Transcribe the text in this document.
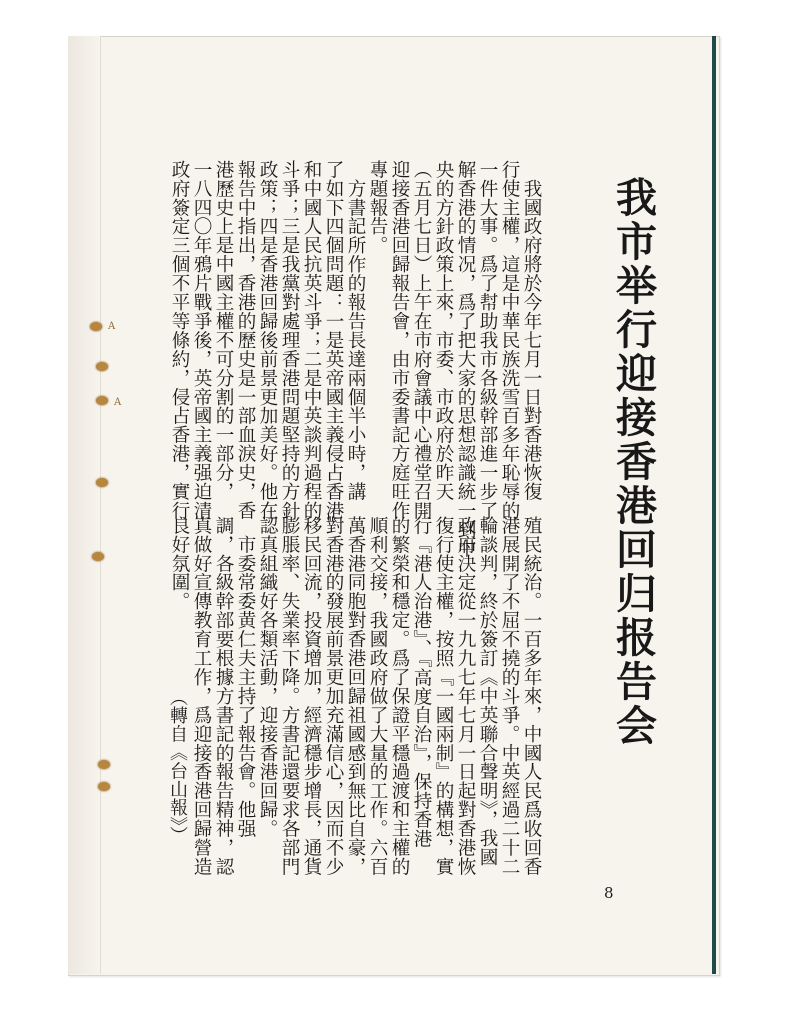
A
A	我市举行迎接香港回归报告会
　我國政府將於今年七月一日對香港恢復
行使主權，這是中華民族洗雪百多年恥辱的
一件大事。爲了幇助我市各級幹部進一步了
解香港的情况，爲了把大家的思想認識統一到中
央的方針政策上來，市委、市政府於昨天
（五月七日）上午在市府會議中心禮堂召開
迎接香港回歸報告會，由市委書記方庭旺作
專題報告。
　方書記所作的報告長達兩個半小時，講
了如下四個問題：一是英帝國主義侵占香港
和中國人民抗英斗爭；二是中英談判過程的
斗爭；三是我黨對處理香港問題堅持的方針
政策；四是香港回歸後前景更加美好。他在
報告中指出，香港的歷史是一部血淚史，香
港歷史上是中國主權不可分割的一部分，
一八四〇年鴉片戰爭後，英帝國主義强迫清
政府簽定三個不平等條約，侵占香港，實行
殖民統治。一百多年來，中國人民爲收回香
港展開了不屈不撓的斗爭。中英經過二十二
輪談判，終於簽訂《中英聯合聲明》，我國
政府決定從一九九七年七月一日起對香港恢
復行使主權，按照『一國兩制』的構想，實
行『港人治港』、『高度自治』，保持香港
的繁榮和穩定。爲了保證平穩過渡和主權的
順利交接，我國政府做了大量的工作。六百
萬香港同胞對香港回歸祖國感到無比自豪，
對香港的發展前景更加充滿信心，因而不少
移民回流，投資增加，經濟穩步增長，通貨
膨脹率、失業率下降。方書記還要求各部門
認真組織好各類活動，迎接香港回歸。
　市委常委黄仁夫主持了報告會。他强
調，各級幹部要根據方書記的報告精神，認
真做好宣傳教育工作，爲迎接香港回歸營造
良好氛圍。
（轉自《台山報》）
8
